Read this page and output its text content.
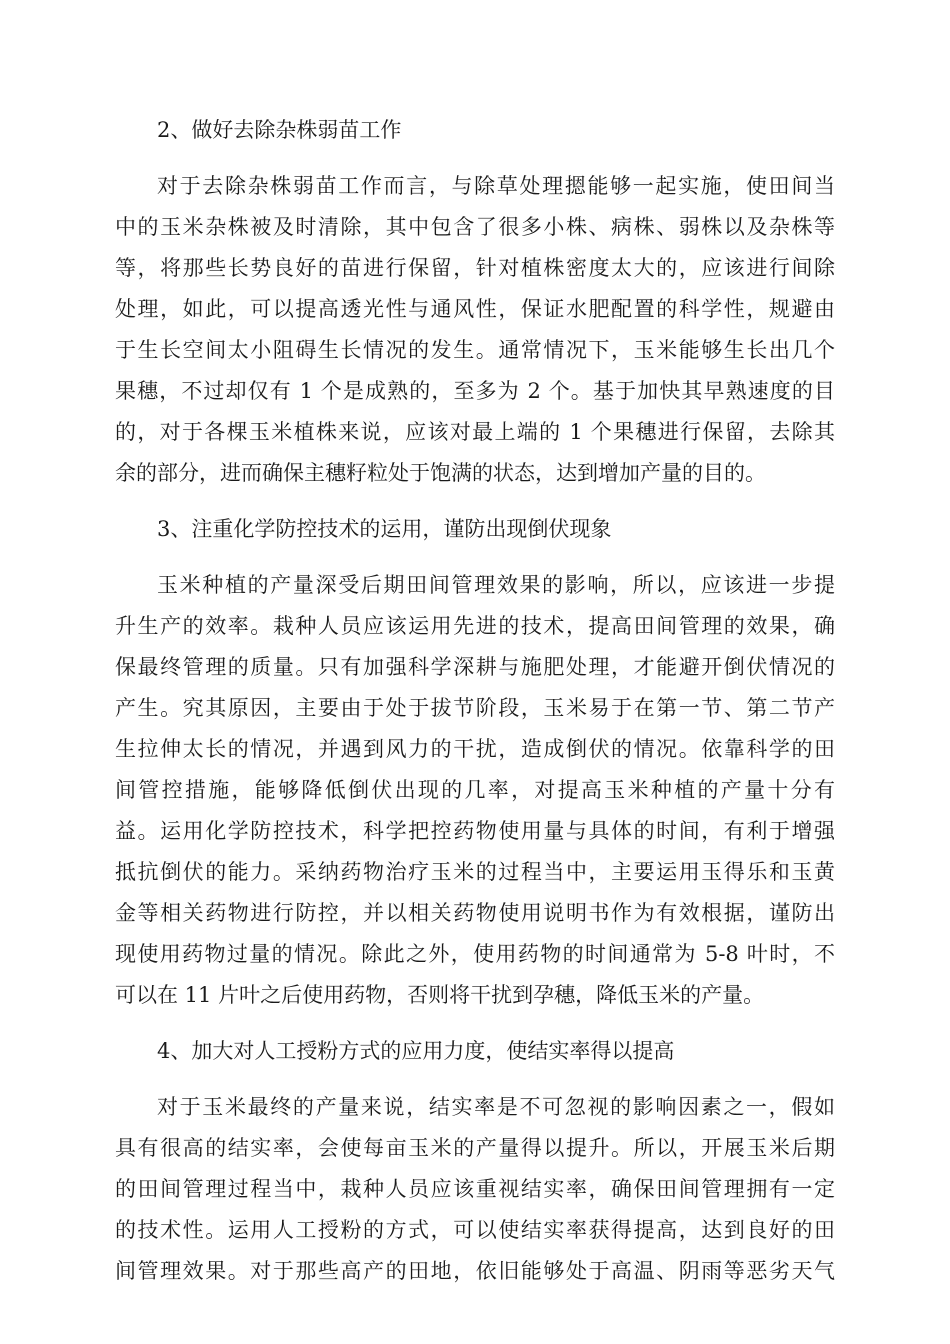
2、做好去除杂株弱苗工作
对于去除杂株弱苗工作而言，与除草处理摁能够一起实施，使田间当
中的玉米杂株被及时清除，其中包含了很多小株、病株、弱株以及杂株等
等，将那些长势良好的苗进行保留，针对植株密度太大的，应该进行间除
处理，如此，可以提高透光性与通风性，保证水肥配置的科学性，规避由
于生长空间太小阻碍生长情况的发生。通常情况下，玉米能够生长出几个
果穗，不过却仅有 1 个是成熟的，至多为 2 个。基于加快其早熟速度的目
的，对于各棵玉米植株来说，应该对最上端的 1 个果穗进行保留，去除其
余的部分，进而确保主穗籽粒处于饱满的状态，达到增加产量的目的。
3、注重化学防控技术的运用，谨防出现倒伏现象
玉米种植的产量深受后期田间管理效果的影响，所以，应该进一步提
升生产的效率。栽种人员应该运用先进的技术，提高田间管理的效果，确
保最终管理的质量。只有加强科学深耕与施肥处理，才能避开倒伏情况的
产生。究其原因，主要由于处于拔节阶段，玉米易于在第一节、第二节产
生拉伸太长的情况，并遇到风力的干扰，造成倒伏的情况。依靠科学的田
间管控措施，能够降低倒伏出现的几率，对提高玉米种植的产量十分有
益。运用化学防控技术，科学把控药物使用量与具体的时间，有利于增强
抵抗倒伏的能力。采纳药物治疗玉米的过程当中，主要运用玉得乐和玉黄
金等相关药物进行防控，并以相关药物使用说明书作为有效根据，谨防出
现使用药物过量的情况。除此之外，使用药物的时间通常为 5-8 叶时，不
可以在 11 片叶之后使用药物，否则将干扰到孕穗，降低玉米的产量。
4、加大对人工授粉方式的应用力度，使结实率得以提高
对于玉米最终的产量来说，结实率是不可忽视的影响因素之一，假如
具有很高的结实率，会使每亩玉米的产量得以提升。所以，开展玉米后期
的田间管理过程当中，栽种人员应该重视结实率，确保田间管理拥有一定
的技术性。运用人工授粉的方式，可以使结实率获得提高，达到良好的田
间管理效果。对于那些高产的田地，依旧能够处于高温、阴雨等恶劣天气
